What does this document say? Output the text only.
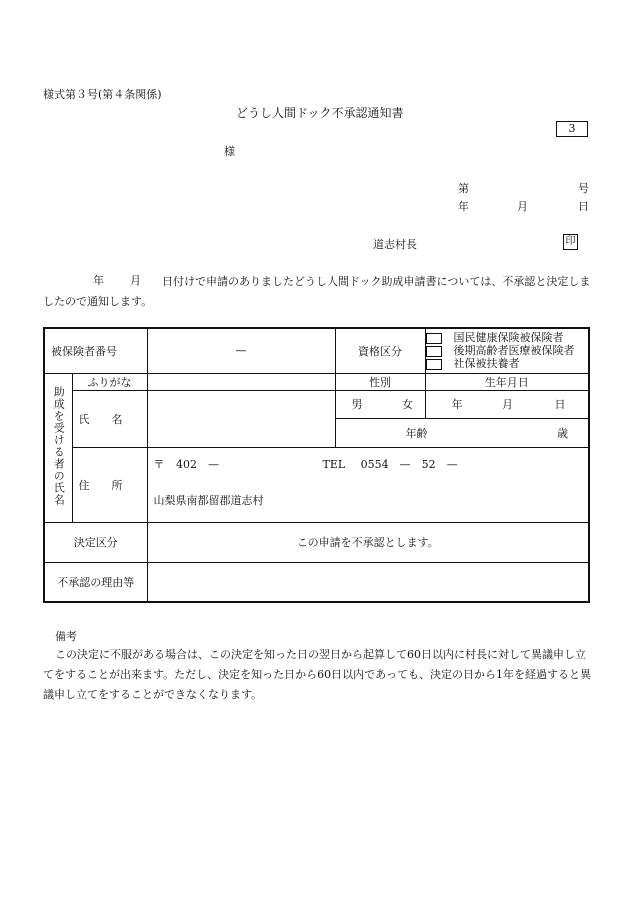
様式第３号(第４条関係)
どうし人間ドック不承認通知書
3
様
第	号
年	月	日
道志村長	印
年 月	日付けで申請のありましたどうし人間ドック助成申請書については、不承認と決定しましたので通知します。
被保険者番号		—	資格区分	国民健康保険被保険者
後期高齢者医療被保険者
社保被扶養者

助成を受ける者の氏名	ふりがな		性別	生年月日
	氏　　名		男 女	年 月 日
			年齢 歳	

	住　　所	〒 402　— TEL 0554　—　52　—
山梨県南都留郡道志村		

決定区分		この申請を不承認とします。		
不承認の理由等				
備考
この決定に不服がある場合は、この決定を知った日の翌日から起算して60日以内に村長に対して異議申し立てをすることが出来ます。ただし、決定を知った日から60日以内であっても、決定の日から1年を経過すると異議申し立てをすることができなくなります。
